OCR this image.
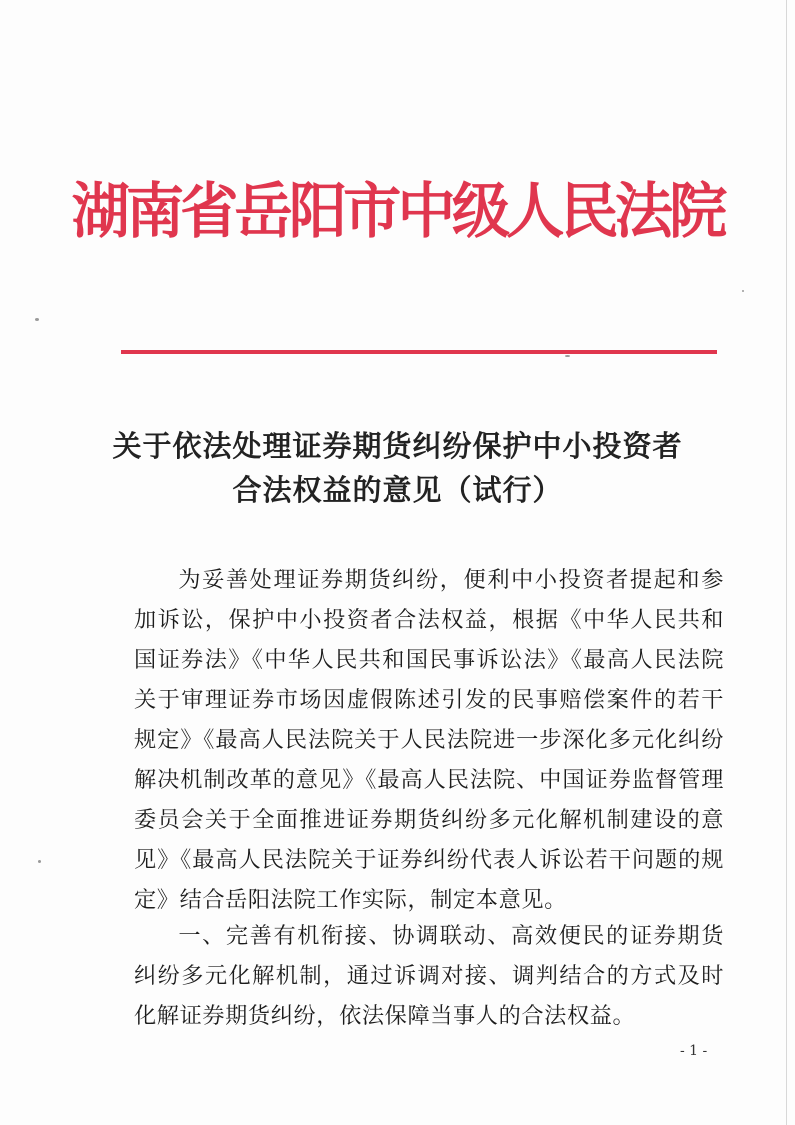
湖南省岳阳市中级人民法院
关于依法处理证券期货纠纷保护中小投资者
合法权益的意见（试行）

为妥善处理证券期货纠纷，便利中小投资者提起和参加诉讼，保护中小投资者合法权益，根据《中华人民共和国证券法》《中华人民共和国民事诉讼法》《最高人民法院关于审理证券市场因虚假陈述引发的民事赔偿案件的若干规定》《最高人民法院关于人民法院进一步深化多元化纠纷解决机制改革的意见》《最高人民法院、中国证券监督管理委员会关于全面推进证券期货纠纷多元化解机制建设的意见》《最高人民法院关于证券纠纷代表人诉讼若干问题的规定》结合岳阳法院工作实际，制定本意见。

一、完善有机衔接、协调联动、高效便民的证券期货纠纷多元化解机制，通过诉调对接、调判结合的方式及时化解证券期货纠纷，依法保障当事人的合法权益。

- 1 -
